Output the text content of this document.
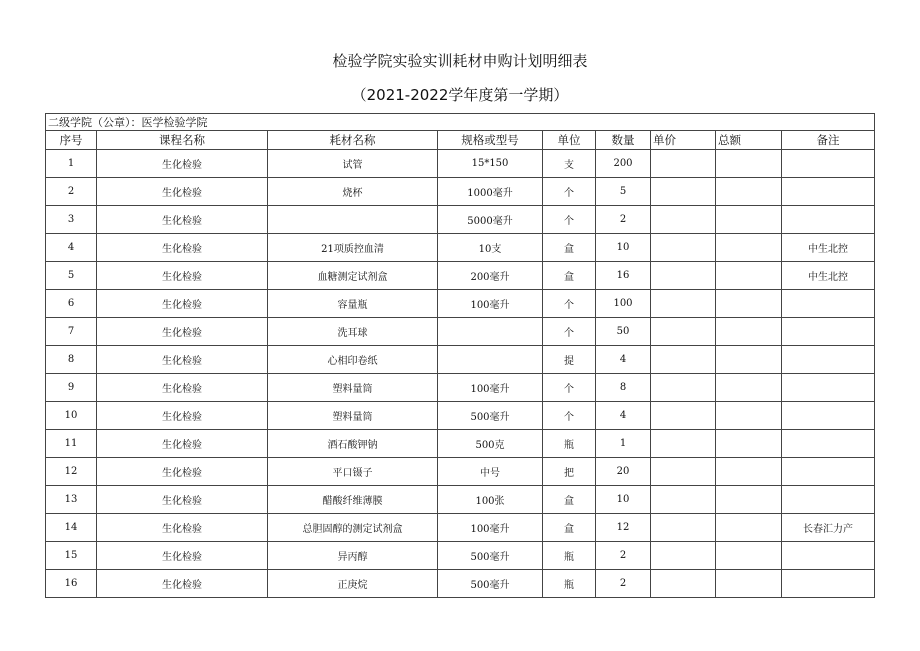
检验学院实验实训耗材申购计划明细表
（2021-2022学年度第一学期）
二级学院（公章）：医学检验学院								
序号	课程名称	耗材名称	规格或型号	单位	数量	单价	总额	备注
1	生化检验	试管	15*150	支	200			
2	生化检验	烧杯	1000毫升	个	5			
3	生化检验		5000毫升	个	2			
4	生化检验	21项质控血清	10支	盒	10			中生北控
5	生化检验	血糖测定试剂盒	200毫升	盒	16			中生北控
6	生化检验	容量瓶	100毫升	个	100			
7	生化检验	洗耳球		个	50			
8	生化检验	心相印卷纸		提	4			
9	生化检验	塑料量筒	100毫升	个	8			
10	生化检验	塑料量筒	500毫升	个	4			
11	生化检验	酒石酸钾钠	500克	瓶	1			
12	生化检验	平口镊子	中号	把	20			
13	生化检验	醋酸纤维薄膜	100张	盒	10			
14	生化检验	总胆固醇的测定试剂盒	100毫升	盒	12			长春汇力产
15	生化检验	异丙醇	500毫升	瓶	2			
16	生化检验	正庚烷	500毫升	瓶	2			
